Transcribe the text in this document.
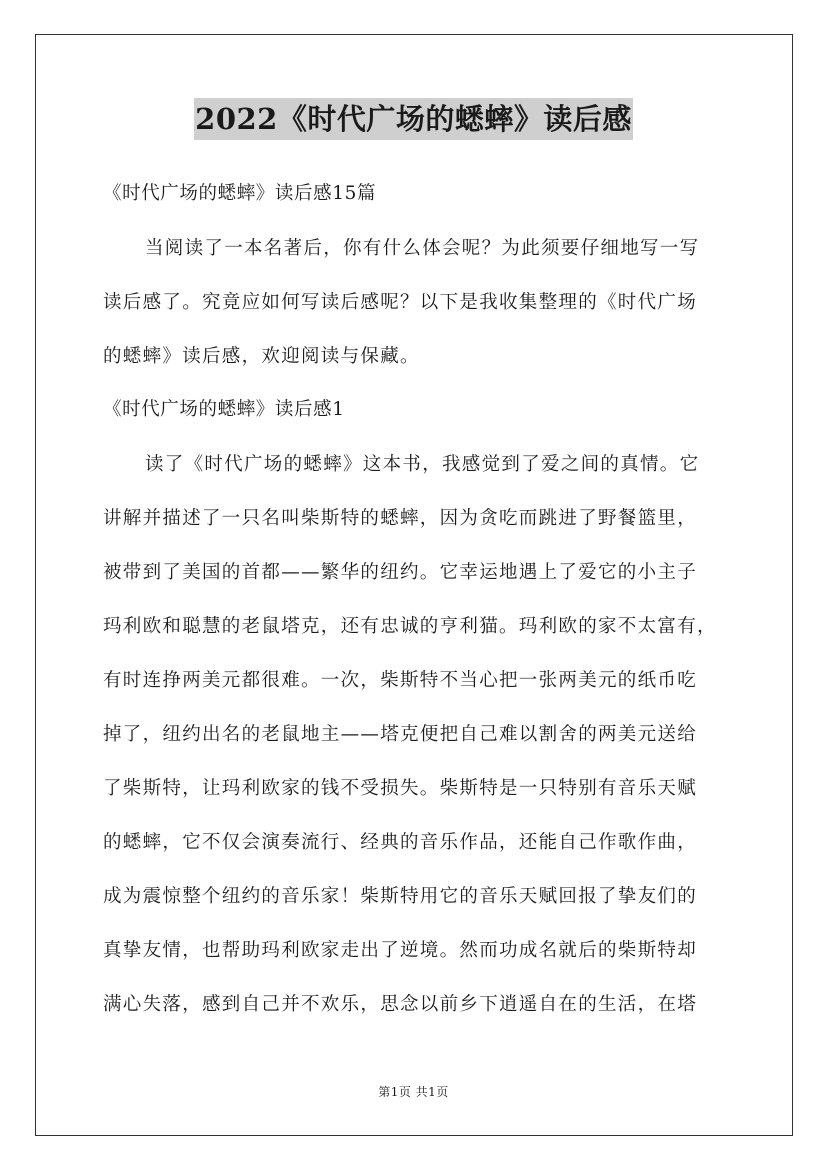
2022《时代广场的蟋蟀》读后感
《时代广场的蟋蟀》读后感15篇
当阅读了一本名著后，你有什么体会呢？为此须要仔细地写一写
读后感了。究竟应如何写读后感呢？以下是我收集整理的《时代广场
的蟋蟀》读后感，欢迎阅读与保藏。
《时代广场的蟋蟀》读后感1
读了《时代广场的蟋蟀》这本书，我感觉到了爱之间的真情。它
讲解并描述了一只名叫柴斯特的蟋蟀，因为贪吃而跳进了野餐篮里，
被带到了美国的首都——繁华的纽约。它幸运地遇上了爱它的小主子
玛利欧和聪慧的老鼠塔克，还有忠诚的亨利猫。玛利欧的家不太富有，
有时连挣两美元都很难。一次，柴斯特不当心把一张两美元的纸币吃
掉了，纽约出名的老鼠地主——塔克便把自己难以割舍的两美元送给
了柴斯特，让玛利欧家的钱不受损失。柴斯特是一只特别有音乐天赋
的蟋蟀，它不仅会演奏流行、经典的音乐作品，还能自己作歌作曲，
成为震惊整个纽约的音乐家！柴斯特用它的音乐天赋回报了挚友们的
真挚友情，也帮助玛利欧家走出了逆境。然而功成名就后的柴斯特却
满心失落，感到自己并不欢乐，思念以前乡下逍遥自在的生活，在塔
第1页 共1页
